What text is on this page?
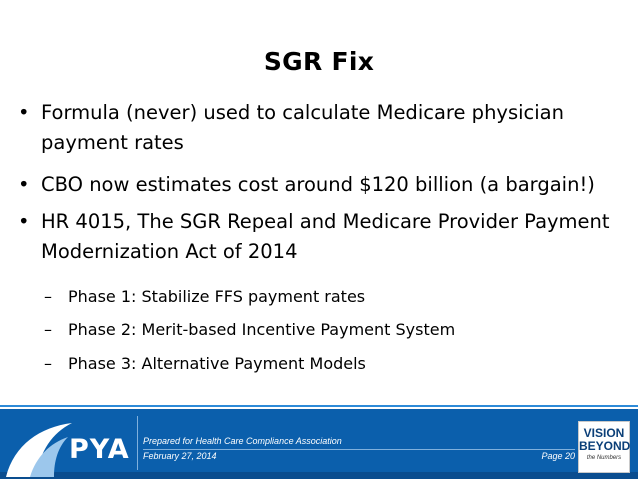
SGR Fix
• Formula (never) used to calculate Medicare physician payment rates
• CBO now estimates cost around $120 billion (a bargain!)
• HR 4015, The SGR Repeal and Medicare Provider Payment Modernization Act of 2014
– Phase 1: Stabilize FFS payment rates
– Phase 2: Merit-based Incentive Payment System
– Phase 3: Alternative Payment Models
PYA Prepared for Health Care Compliance Association
February 27, 2014	Page 20
VISION
BEYOND
the Numbers
